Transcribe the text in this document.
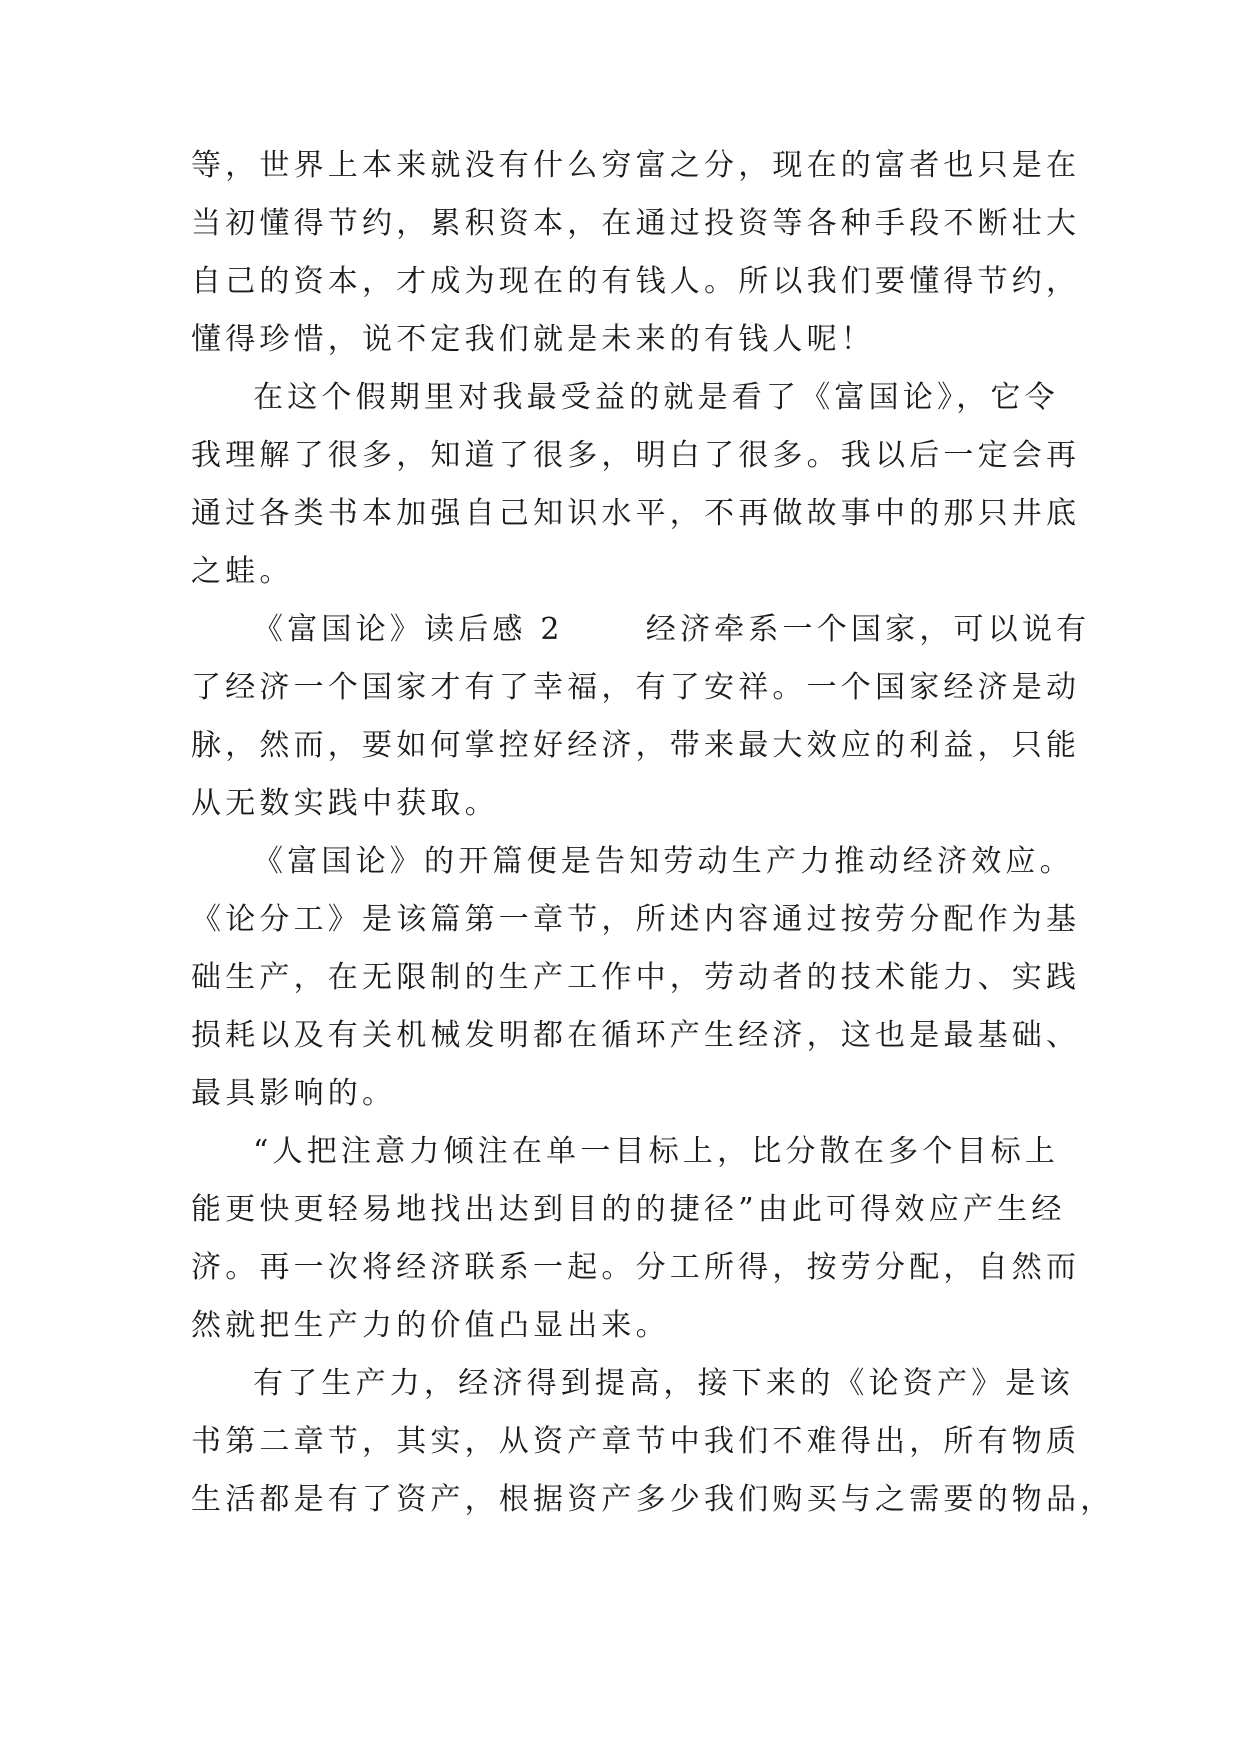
等，世界上本来就没有什么穷富之分，现在的富者也只是在
当初懂得节约，累积资本，在通过投资等各种手段不断壮大
自己的资本，才成为现在的有钱人。所以我们要懂得节约，
懂得珍惜，说不定我们就是未来的有钱人呢！
在这个假期里对我最受益的就是看了《富国论》，它令
我理解了很多，知道了很多，明白了很多。我以后一定会再
通过各类书本加强自己知识水平，不再做故事中的那只井底
之蛙。
《富国论》读后感 2　　 经济牵系一个国家，可以说有
了经济一个国家才有了幸福，有了安祥。一个国家经济是动
脉，然而，要如何掌控好经济，带来最大效应的利益，只能
从无数实践中获取。
《富国论》的开篇便是告知劳动生产力推动经济效应。
《论分工》是该篇第一章节，所述内容通过按劳分配作为基
础生产，在无限制的生产工作中，劳动者的技术能力、实践
损耗以及有关机械发明都在循环产生经济，这也是最基础、
最具影响的。
“人把注意力倾注在单一目标上，比分散在多个目标上
能更快更轻易地找出达到目的的捷径”由此可得效应产生经
济。再一次将经济联系一起。分工所得，按劳分配，自然而
然就把生产力的价值凸显出来。
有了生产力，经济得到提高，接下来的《论资产》是该
书第二章节，其实，从资产章节中我们不难得出，所有物质
生活都是有了资产，根据资产多少我们购买与之需要的物品，
